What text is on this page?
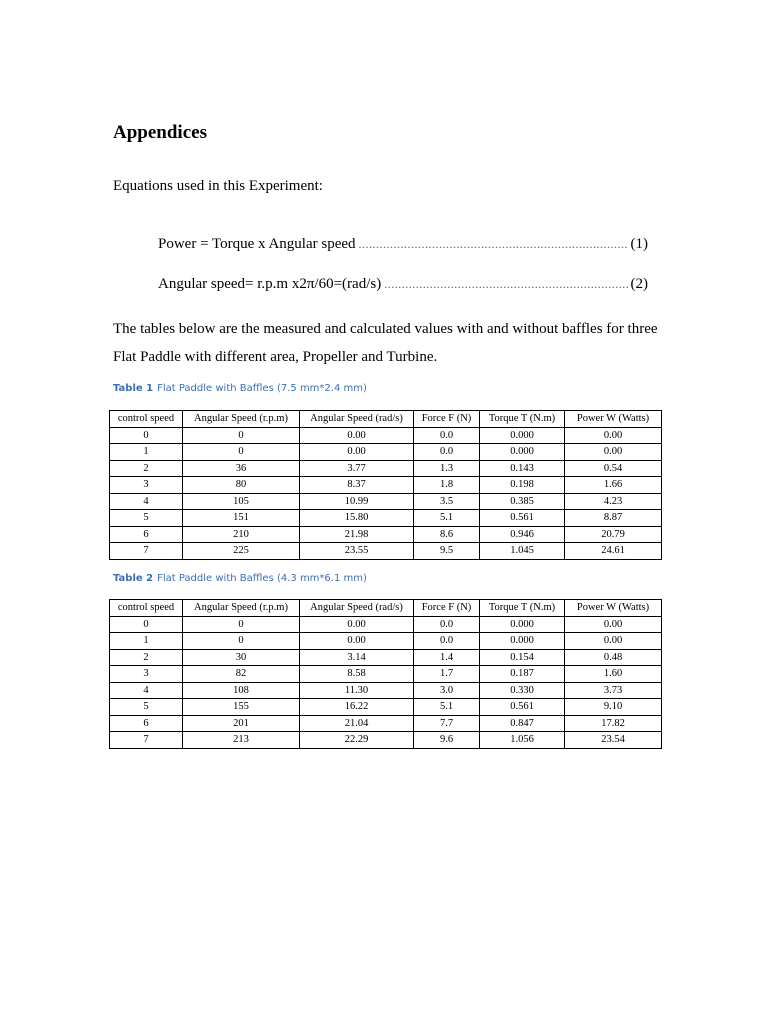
Appendices

Equations used in this Experiment:

Power = Torque x Angular speed .....	(1)
Angular speed= r.p.m x2π/60=(rad/s) .....	(2)

The tables below are the measured and calculated values with and without baffles for three Flat Paddle with different area, Propeller and Turbine.

Table 1 Flat Paddle with Baffles (7.5 mm*2.4 mm)

control speed	Angular Speed (r.p.m)	Angular Speed (rad/s)	Force F (N)	Torque T (N.m)	Power W (Watts)
0	0	0.00	0.0	0.000	0.00
1	0	0.00	0.0	0.000	0.00
2	36	3.77	1.3	0.143	0.54
3	80	8.37	1.8	0.198	1.66
4	105	10.99	3.5	0.385	4.23
5	151	15.80	5.1	0.561	8.87
6	210	21.98	8.6	0.946	20.79
7	225	23.55	9.5	1.045	24.61

Table 2 Flat Paddle with Baffles (4.3 mm*6.1 mm)

control speed	Angular Speed (r.p.m)	Angular Speed (rad/s)	Force F (N)	Torque T (N.m)	Power W (Watts)
0	0	0.00	0.0	0.000	0.00
1	0	0.00	0.0	0.000	0.00
2	30	3.14	1.4	0.154	0.48
3	82	8.58	1.7	0.187	1.60
4	108	11.30	3.0	0.330	3.73
5	155	16.22	5.1	0.561	9.10
6	201	21.04	7.7	0.847	17.82
7	213	22.29	9.6	1.056	23.54
